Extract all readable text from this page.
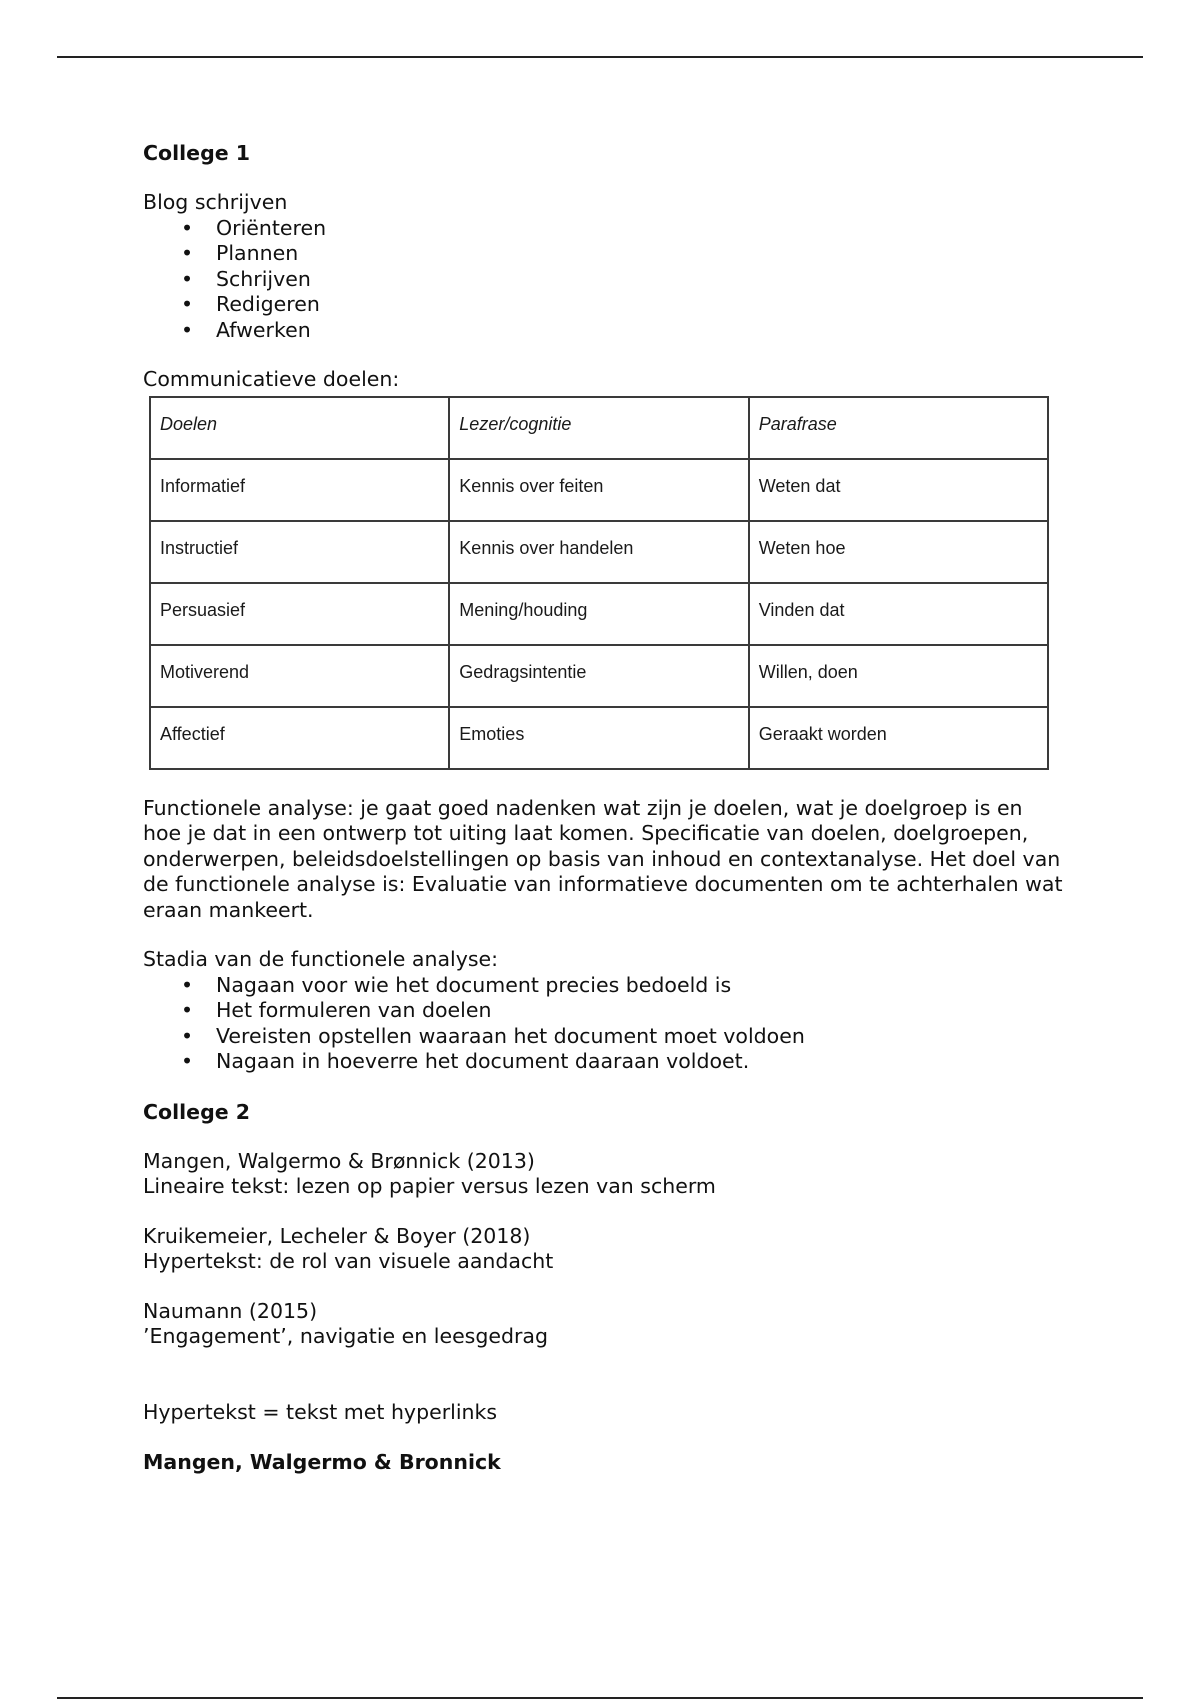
College 1

Blog schrijven

• Oriënteren
• Plannen
• Schrijven
• Redigeren
• Afwerken

Communicatieve doelen:

Doelen	Lezer/cognitie	Parafrase
Informatief	Kennis over feiten	Weten dat
Instructief	Kennis over handelen	Weten hoe
Persuasief	Mening/houding	Vinden dat
Motiverend	Gedragsintentie	Willen, doen
Affectief	Emoties	Geraakt worden

Functionele analyse: je gaat goed nadenken wat zijn je doelen, wat je doelgroep is en hoe je dat in een ontwerp tot uiting laat komen. Specificatie van doelen, doelgroepen, onderwerpen, beleidsdoelstellingen op basis van inhoud en contextanalyse. Het doel van de functionele analyse is: Evaluatie van informatieve documenten om te achterhalen wat eraan mankeert.

Stadia van de functionele analyse:

• Nagaan voor wie het document precies bedoeld is
• Het formuleren van doelen
• Vereisten opstellen waaraan het document moet voldoen
• Nagaan in hoeverre het document daaraan voldoet.
College 2

Mangen, Walgermo & Brønnick (2013)

Lineaire tekst: lezen op papier versus lezen van scherm

Kruikemeier, Lecheler & Boyer (2018)

Hypertekst: de rol van visuele aandacht

Naumann (2015)

’Engagement’, navigatie en leesgedrag

Hypertekst = tekst met hyperlinks

Mangen, Walgermo & Bronnick
